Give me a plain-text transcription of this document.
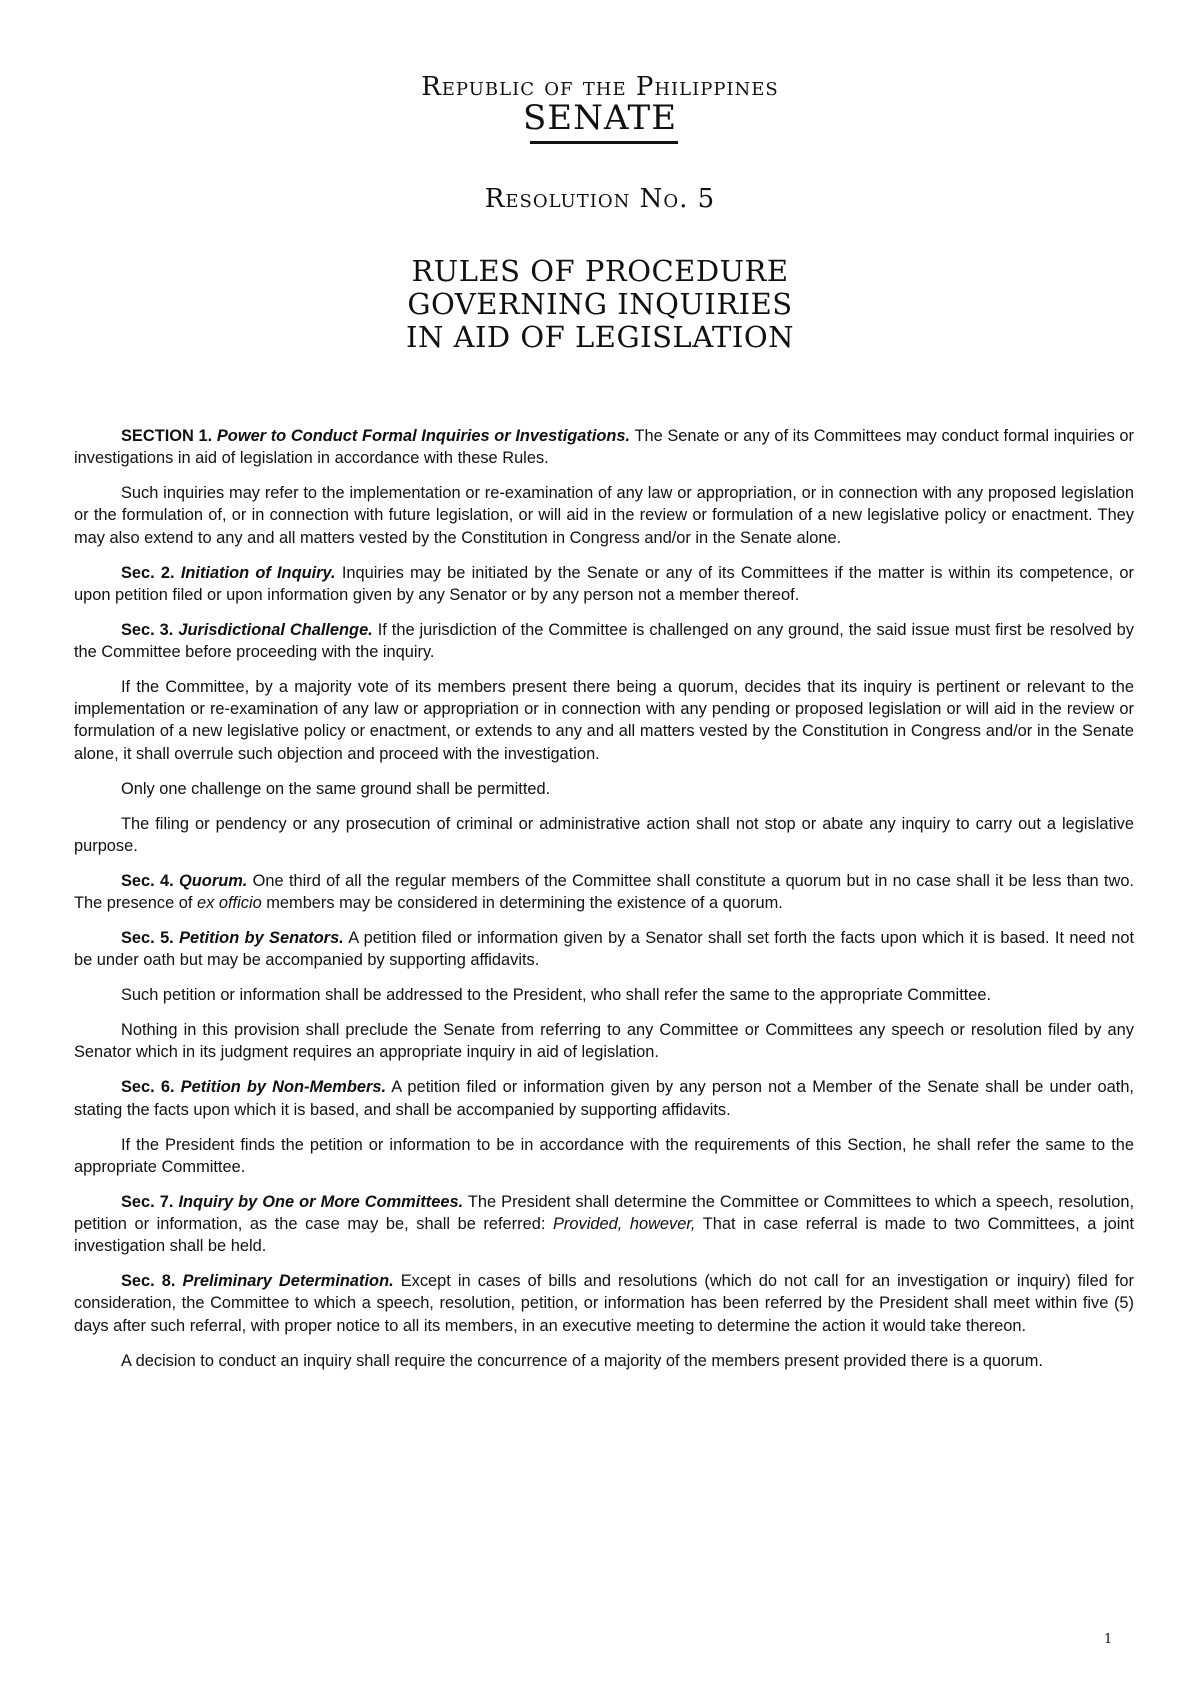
Republic of the Philippines
SENATE
Resolution No. 5
RULES OF PROCEDURE
GOVERNING INQUIRIES
IN AID OF LEGISLATION

SECTION 1. Power to Conduct Formal Inquiries or Investigations. The Senate or any of its Committees may conduct formal inquiries or investigations in aid of legislation in accordance with these Rules.

Such inquiries may refer to the implementation or re-examination of any law or appropriation, or in connection with any proposed legislation or the formulation of, or in connection with future legislation, or will aid in the review or formulation of a new legislative policy or enactment. They may also extend to any and all matters vested by the Constitution in Congress and/or in the Senate alone.

Sec. 2. Initiation of Inquiry. Inquiries may be initiated by the Senate or any of its Committees if the matter is within its competence, or upon petition filed or upon information given by any Senator or by any person not a member thereof.

Sec. 3. Jurisdictional Challenge. If the jurisdiction of the Committee is challenged on any ground, the said issue must first be resolved by the Committee before proceeding with the inquiry.

If the Committee, by a majority vote of its members present there being a quorum, decides that its inquiry is pertinent or relevant to the implementation or re-examination of any law or appropriation or in connection with any pending or proposed legislation or will aid in the review or formulation of a new legislative policy or enactment, or extends to any and all matters vested by the Constitution in Congress and/or in the Senate alone, it shall overrule such objection and proceed with the investigation.

Only one challenge on the same ground shall be permitted.

The filing or pendency or any prosecution of criminal or administrative action shall not stop or abate any inquiry to carry out a legislative purpose.

Sec. 4. Quorum. One third of all the regular members of the Committee shall constitute a quorum but in no case shall it be less than two. The presence of ex officio members may be considered in determining the existence of a quorum.

Sec. 5. Petition by Senators. A petition filed or information given by a Senator shall set forth the facts upon which it is based. It need not be under oath but may be accompanied by supporting affidavits.

Such petition or information shall be addressed to the President, who shall refer the same to the appropriate Committee.

Nothing in this provision shall preclude the Senate from referring to any Committee or Committees any speech or resolution filed by any Senator which in its judgment requires an appropriate inquiry in aid of legislation.

Sec. 6. Petition by Non-Members. A petition filed or information given by any person not a Member of the Senate shall be under oath, stating the facts upon which it is based, and shall be accompanied by supporting affidavits.

If the President finds the petition or information to be in accordance with the requirements of this Section, he shall refer the same to the appropriate Committee.

Sec. 7. Inquiry by One or More Committees. The President shall determine the Committee or Committees to which a speech, resolution, petition or information, as the case may be, shall be referred: Provided, however, That in case referral is made to two Committees, a joint investigation shall be held.

Sec. 8. Preliminary Determination. Except in cases of bills and resolutions (which do not call for an investigation or inquiry) filed for consideration, the Committee to which a speech, resolution, petition, or information has been referred by the President shall meet within five (5) days after such referral, with proper notice to all its members, in an executive meeting to determine the action it would take thereon.

A decision to conduct an inquiry shall require the concurrence of a majority of the members present provided there is a quorum.

1
